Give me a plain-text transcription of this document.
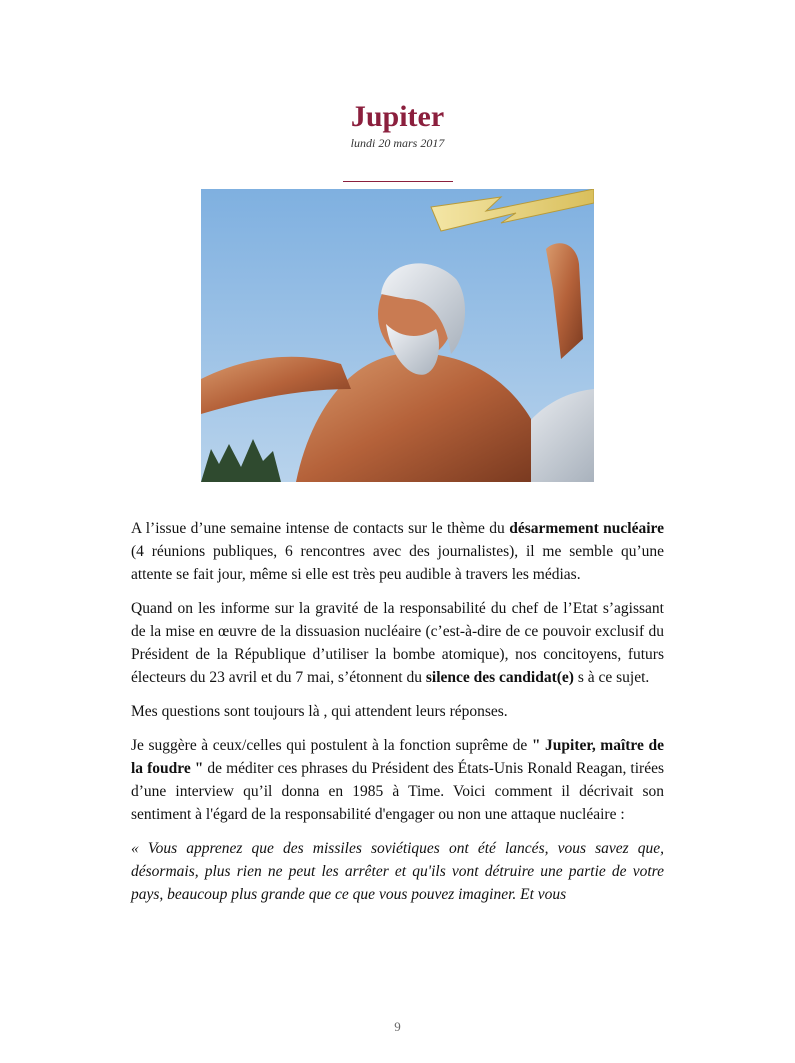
Jupiter
lundi 20 mars 2017

A l’issue d’une semaine intense de contacts sur le thème du désarmement nucléaire (4 réunions publiques, 6 rencontres avec des journalistes), il me semble qu’une attente se fait jour, même si elle est très peu audible à travers les médias.

Quand on les informe sur la gravité de la responsabilité du chef de l’Etat s’agissant de la mise en œuvre de la dissuasion nucléaire (c’est-à-dire de ce pouvoir exclusif du Président de la République d’utiliser la bombe atomique), nos concitoyens, futurs électeurs du 23 avril et du 7 mai, s’étonnent du silence des candidat(e) s à ce sujet.

Mes questions sont toujours là , qui attendent leurs réponses.

Je suggère à ceux/celles qui postulent à la fonction suprême de " Jupiter, maître de la foudre " de méditer ces phrases du Président des États-Unis Ronald Reagan, tirées d’une interview qu’il donna en 1985 à Time. Voici comment il décrivait son sentiment à l'égard de la responsabilité d'engager ou non une attaque nucléaire :

« Vous apprenez que des missiles soviétiques ont été lancés, vous savez que, désormais, plus rien ne peut les arrêter et qu'ils vont détruire une partie de votre pays, beaucoup plus grande que ce que vous pouvez imaginer. Et vous

9
